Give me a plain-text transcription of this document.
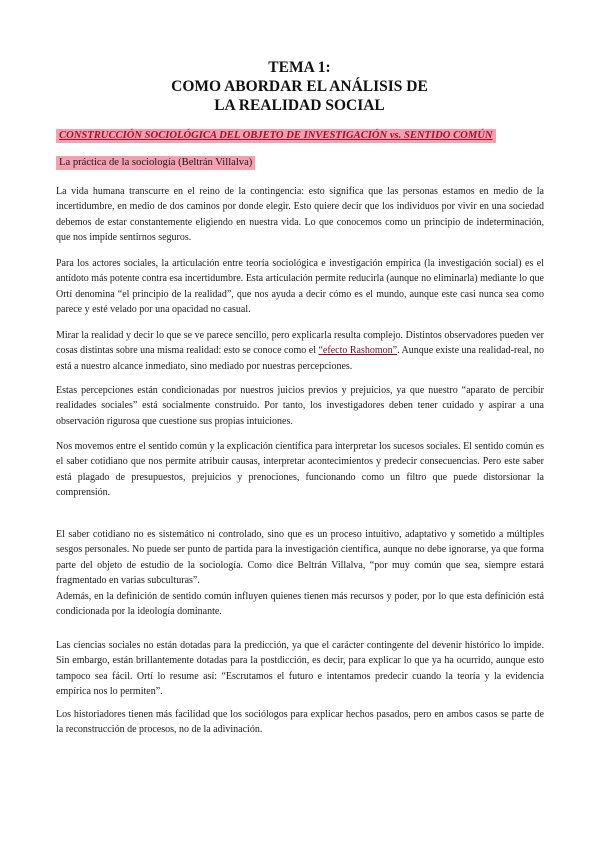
TEMA 1:
COMO ABORDAR EL ANÁLISIS DE
LA REALIDAD SOCIAL
CONSTRUCCIÓN SOCIOLÓGICA DEL OBJETO DE INVESTIGACIÓN vs. SENTIDO COMÚN
La práctica de la sociología (Beltrán Villalva)

La vida humana transcurre en el reino de la contingencia: esto significa que las personas estamos en medio de la incertidumbre, en medio de dos caminos por donde elegir. Esto quiere decir que los individuos por vivir en una sociedad debemos de estar constantemente eligiendo en nuestra vida. Lo que conocemos como un principio de indeterminación, que nos impide sentirnos seguros.

Para los actores sociales, la articulación entre teoría sociológica e investigación empírica (la investigación social) es el antídoto más potente contra esa incertidumbre. Esta articulación permite reducirla (aunque no eliminarla) mediante lo que Ortí denomina “el principio de la realidad”, que nos ayuda a decir cómo es el mundo, aunque este casi nunca sea como parece y esté velado por una opacidad no casual.

Mirar la realidad y decir lo que se ve parece sencillo, pero explicarla resulta complejo. Distintos observadores pueden ver cosas distintas sobre una misma realidad: esto se conoce como el “efecto Rashomon”. Aunque existe una realidad-real, no está a nuestro alcance inmediato, sino mediado por nuestras percepciones.

Estas percepciones están condicionadas por nuestros juicios previos y prejuicios, ya que nuestro “aparato de percibir realidades sociales” está socialmente construido. Por tanto, los investigadores deben tener cuidado y aspirar a una observación rigurosa que cuestione sus propias intuiciones.

Nos movemos entre el sentido común y la explicación científica para interpretar los sucesos sociales. El sentido común es el saber cotidiano que nos permite atribuir causas, interpretar acontecimientos y predecir consecuencias. Pero este saber está plagado de presupuestos, prejuicios y prenociones, funcionando como un filtro que puede distorsionar la comprensión.

El saber cotidiano no es sistemático ni controlado, sino que es un proceso intuitivo, adaptativo y sometido a múltiples sesgos personales. No puede ser punto de partida para la investigación científica, aunque no debe ignorarse, ya que forma parte del objeto de estudio de la sociología. Como dice Beltrán Villalva, “por muy común que sea, siempre estará fragmentado en varias subculturas”.
Además, en la definición de sentido común influyen quienes tienen más recursos y poder, por lo que esta definición está condicionada por la ideología dominante.

Las ciencias sociales no están dotadas para la predicción, ya que el carácter contingente del devenir histórico lo impide. Sin embargo, están brillantemente dotadas para la postdicción, es decir, para explicar lo que ya ha ocurrido, aunque esto tampoco sea fácil. Ortí lo resume así: “Escrutamos el futuro e intentamos predecir cuando la teoría y la evidencia empírica nos lo permiten”.

Los historiadores tienen más facilidad que los sociólogos para explicar hechos pasados, pero en ambos casos se parte de la reconstrucción de procesos, no de la adivinación.
